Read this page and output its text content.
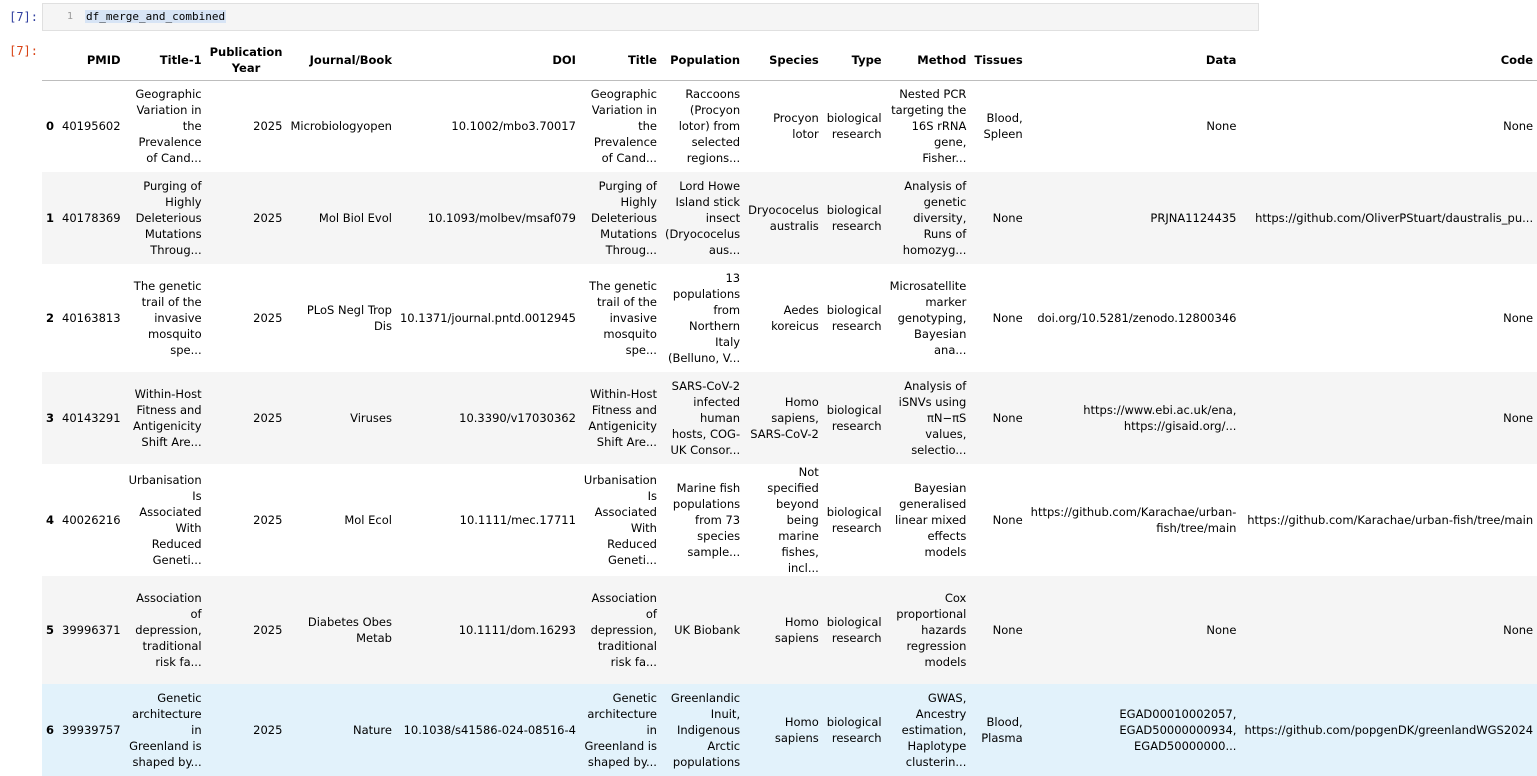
[7]:	1 df_merge_and_combined
[7]:
	PMID	Title-1	Publication Year	Journal/Book	DOI	Title	Population	Species	Type	Method	Tissues	Data	Code

0	40195602	Geographic Variation in the Prevalence of Cand...	2025	Microbiologyopen	10.1002/mbo3.70017	Geographic Variation in the Prevalence of Cand...	Raccoons (Procyon lotor) from selected regions...	Procyon lotor	biological research	Nested PCR targeting the 16S rRNA gene, Fisher...	Blood, Spleen	None	None

1	40178369	Purging of Highly Deleterious Mutations Throug...	2025	Mol Biol Evol	10.1093/molbev/msaf079	Purging of Highly Deleterious Mutations Throug...	Lord Howe Island stick insect (Dryococelus aus...	Dryococelus australis	biological research	Analysis of genetic diversity, Runs of homozyg...	None	PRJNA1124435	https://github.com/OliverPStuart/daustralis_pu...

2	40163813	The genetic trail of the invasive mosquito spe...	2025	PLoS Negl Trop Dis	10.1371/journal.pntd.0012945	The genetic trail of the invasive mosquito spe...	13 populations from Northern Italy (Belluno, V...	Aedes koreicus	biological research	Microsatellite marker genotyping, Bayesian ana...	None	doi.org/10.5281/zenodo.12800346	None

3	40143291	Within-Host Fitness and Antigenicity Shift Are...	2025	Viruses	10.3390/v17030362	Within-Host Fitness and Antigenicity Shift Are...	SARS-CoV-2 infected human hosts, COG-UK Consor...	Homo sapiens, SARS-CoV-2	biological research	Analysis of iSNVs using πN−πS values, selectio...	None	https://www.ebi.ac.uk/ena, https://gisaid.org/...	None

4	40026216	Urbanisation Is Associated With Reduced Geneti...	2025	Mol Ecol	10.1111/mec.17711	Urbanisation Is Associated With Reduced Geneti...	Marine fish populations from 73 species sample...	Not specified beyond being marine fishes, incl...	biological research	Bayesian generalised linear mixed effects models	None	https://github.com/Karachae/urban-fish/tree/main	https://github.com/Karachae/urban-fish/tree/main

5	39996371	Association of depression, traditional risk fa...	2025	Diabetes Obes Metab	10.1111/dom.16293	Association of depression, traditional risk fa...	UK Biobank	Homo sapiens	biological research	Cox proportional hazards regression models	None	None	None

6	39939757	Genetic architecture in Greenland is shaped by...	2025	Nature	10.1038/s41586-024-08516-4	Genetic architecture in Greenland is shaped by...	Greenlandic Inuit, Indigenous Arctic populations	Homo sapiens	biological research	GWAS, Ancestry estimation, Haplotype clusterin...	Blood, Plasma	EGAD00010002057, EGAD50000000934, EGAD50000000...	https://github.com/popgenDK/greenlandWGS2024
